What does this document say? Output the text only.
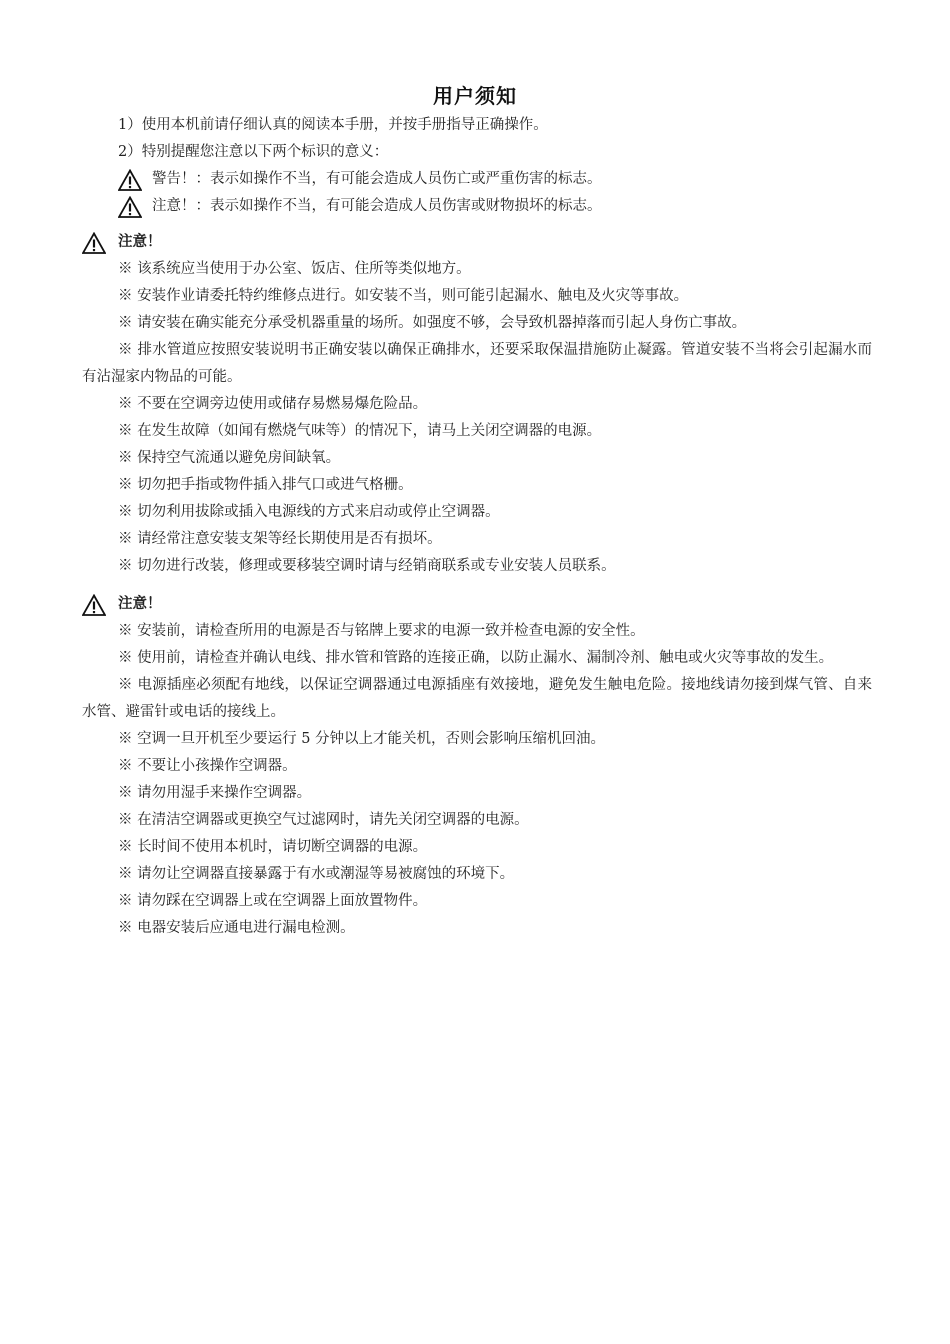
用户须知
1）使用本机前请仔细认真的阅读本手册，并按手册指导正确操作。
2）特别提醒您注意以下两个标识的意义：
警告！：表示如操作不当，有可能会造成人员伤亡或严重伤害的标志。
注意！：表示如操作不当，有可能会造成人员伤害或财物损坏的标志。
注意！
※ 该系统应当使用于办公室、饭店、住所等类似地方。
※ 安装作业请委托特约维修点进行。如安装不当，则可能引起漏水、触电及火灾等事故。
※ 请安装在确实能充分承受机器重量的场所。如强度不够，会导致机器掉落而引起人身伤亡事故。
※ 排水管道应按照安装说明书正确安装以确保正确排水，还要采取保温措施防止凝露。管道安装不当将会引起漏水而有沾湿家内物品的可能。
※ 不要在空调旁边使用或储存易燃易爆危险品。
※ 在发生故障（如闻有燃烧气味等）的情况下，请马上关闭空调器的电源。
※ 保持空气流通以避免房间缺氧。
※ 切勿把手指或物件插入排气口或进气格栅。
※ 切勿利用拔除或插入电源线的方式来启动或停止空调器。
※ 请经常注意安装支架等经长期使用是否有损坏。
※ 切勿进行改装，修理或要移装空调时请与经销商联系或专业安装人员联系。
注意！
※ 安装前，请检查所用的电源是否与铭牌上要求的电源一致并检查电源的安全性。
※ 使用前，请检查并确认电线、排水管和管路的连接正确，以防止漏水、漏制冷剂、触电或火灾等事故的发生。
※ 电源插座必须配有地线，以保证空调器通过电源插座有效接地，避免发生触电危险。接地线请勿接到煤气管、自来水管、避雷针或电话的接线上。
※ 空调一旦开机至少要运行 5 分钟以上才能关机，否则会影响压缩机回油。
※ 不要让小孩操作空调器。
※ 请勿用湿手来操作空调器。
※ 在清洁空调器或更换空气过滤网时，请先关闭空调器的电源。
※ 长时间不使用本机时，请切断空调器的电源。
※ 请勿让空调器直接暴露于有水或潮湿等易被腐蚀的环境下。
※ 请勿踩在空调器上或在空调器上面放置物件。
※ 电器安装后应通电进行漏电检测。
